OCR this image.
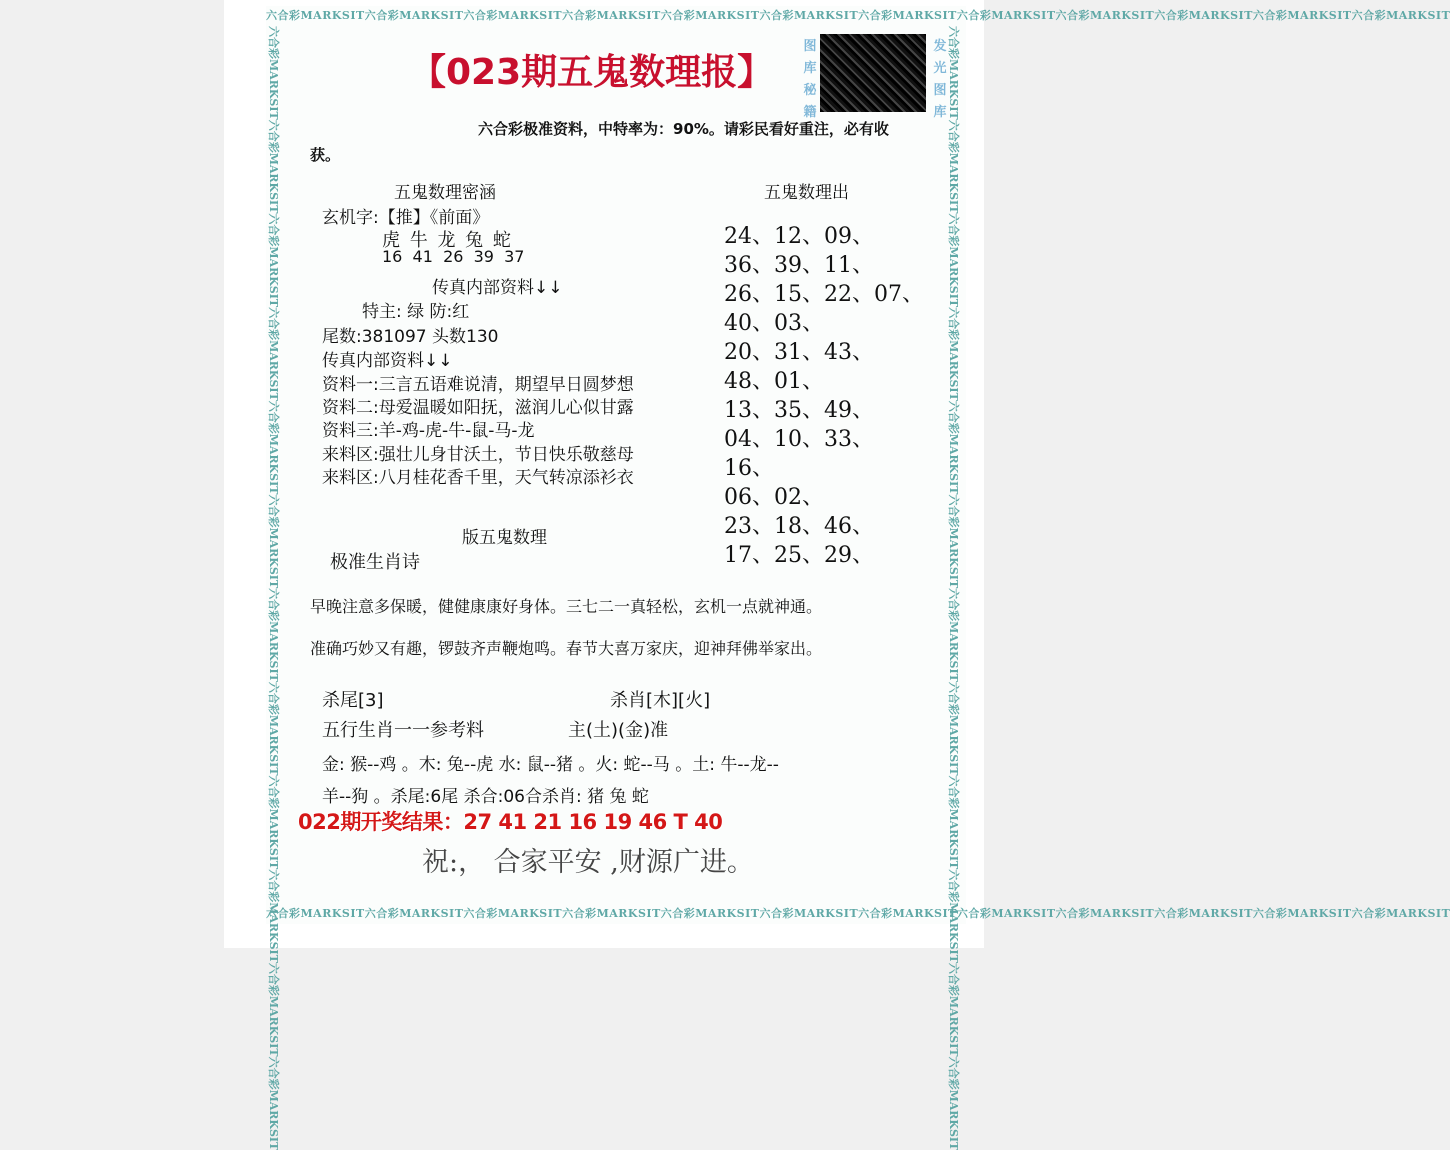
六合彩MARKSIT六合彩MARKSIT六合彩MARKSIT六合彩MARKSIT六合彩MARKSIT六合彩MARKSIT六合彩MARKSIT六合彩MARKSIT六合彩MARKSIT六合彩MARKSIT六合彩MARKSIT六合彩MARKSIT
六合彩MARKSIT六合彩MARKSIT六合彩MARKSIT六合彩MARKSIT六合彩MARKSIT六合彩MARKSIT六合彩MARKSIT六合彩MARKSIT六合彩MARKSIT六合彩MARKSIT六合彩MARKSIT六合彩MARKSIT
六合彩MARKSIT六合彩MARKSIT六合彩MARKSIT六合彩MARKSIT六合彩MARKSIT六合彩MARKSIT六合彩MARKSIT六合彩MARKSIT六合彩MARKSIT六合彩MARKSIT六合彩MARKSIT六合彩MARKSIT	六合彩MARKSIT六合彩MARKSIT六合彩MARKSIT六合彩MARKSIT六合彩MARKSIT六合彩MARKSIT六合彩MARKSIT六合彩MARKSIT六合彩MARKSIT六合彩MARKSIT六合彩MARKSIT六合彩MARKSIT
【023期五鬼数理报】
图库秘籍
发光图库
六合彩极准资料，中特率为：90%。请彩民看好重注，必有收
获。
五鬼数理密涵	五鬼数理出
玄机字:【推】《前面》
虎 牛 龙 兔 蛇
16  41  26  39  37
传真内部资料↓↓
特主: 绿 防:红
尾数:381097 头数130
传真内部资料↓↓
资料一:三言五语难说清，期望早日圆梦想
资料二:母爱温暖如阳抚，滋润儿心似甘露
资料三:羊-鸡-虎-牛-鼠-马-龙
来料区:强壮儿身甘沃土，节日快乐敬慈母
来料区:八月桂花香千里，天气转凉添衫衣
版五鬼数理
极准生肖诗
24、12、09、
36、39、11、
26、15、22、07、
40、03、
20、31、43、
48、01、
13、35、49、
04、10、33、
16、
06、02、
23、18、46、
17、25、29、
早晚注意多保暖，健健康康好身体。三七二一真轻松，玄机一点就神通。
准确巧妙又有趣，锣鼓齐声鞭炮鸣。春节大喜万家庆，迎神拜佛举家出。
杀尾[3]	杀肖[木][火]
五行生肖一一参考料	主(土)(金)准
金: 猴--鸡 。木: 兔--虎 水: 鼠--猪 。火: 蛇--马 。土: 牛--龙--
羊--狗 。杀尾:6尾 杀合:06合杀肖: 猪 兔 蛇
022期开奖结果：27 41 21 16 19 46 T 40
祝:， 合家平安 ,财源广进。
